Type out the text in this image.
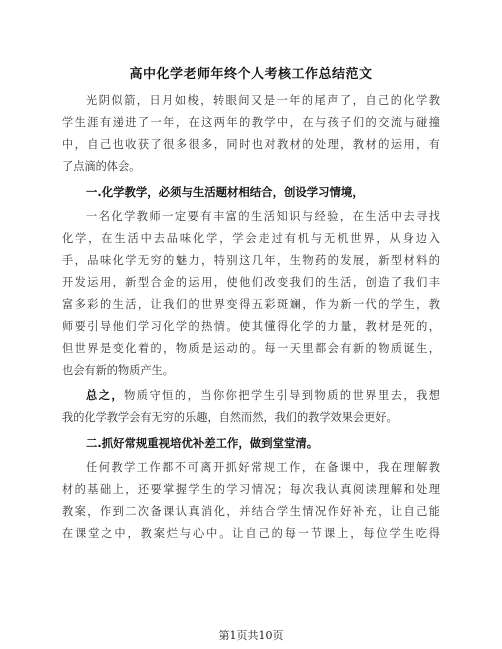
高中化学老师年终个人考核工作总结范文
光阴似箭，日月如梭，转眼间又是一年的尾声了，自己的化学教
学生涯有递进了一年，在这两年的教学中，在与孩子们的交流与碰撞
中，自己也收获了很多很多，同时也对教材的处理，教材的运用，有
了点滴的体会。
一.化学教学，必须与生活题材相结合，创设学习情境，
一名化学教师一定要有丰富的生活知识与经验，在生活中去寻找
化学，在生活中去品味化学，学会走过有机与无机世界，从身边入
手，品味化学无穷的魅力，特别这几年，生物药的发展，新型材料的
开发运用，新型合金的运用，使他们改变我们的生活，创造了我们丰
富多彩的生活，让我们的世界变得五彩斑斓，作为新一代的学生，教
师要引导他们学习化学的热情。使其懂得化学的力量，教材是死的，
但世界是变化着的，物质是运动的。每一天里都会有新的物质诞生，
也会有新的物质产生。
总之，物质守恒的，当你你把学生引导到物质的世界里去，我想
我的化学教学会有无穷的乐趣，自然而然，我们的教学效果会更好。
二.抓好常规重视培优补差工作，做到堂堂清。
任何教学工作都不可离开抓好常规工作，在备课中，我在理解教
材的基础上，还要掌握学生的学习情况；每次我认真阅读理解和处理
教案，作到二次备课认真消化，并结合学生情况作好补充，让自己能
在课堂之中，教案烂与心中。让自己的每一节课上，每位学生吃得
第1页共10页
